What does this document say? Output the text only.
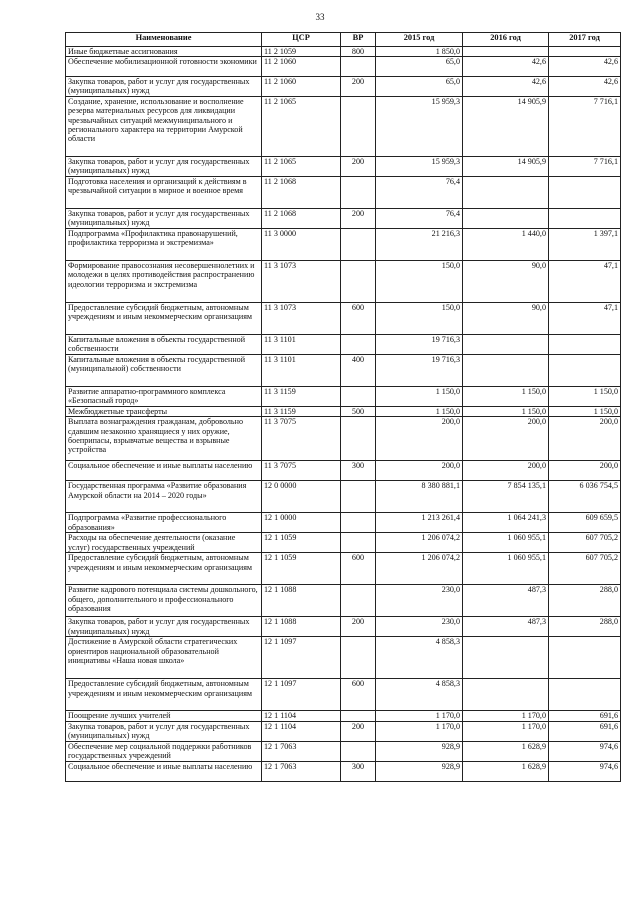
33
Наименование	ЦСР	ВР	2015 год	2016 год	2017 год
Иные бюджетные ассигнования	11 2 1059	800	1 850,0		
Обеспечение мобилизационной готовности экономики	11 2 1060		65,0	42,6	42,6
Закупка товаров, работ и услуг для государственных (муниципальных) нужд	11 2 1060	200	65,0	42,6	42,6
Создание, хранение, использование и восполнение резерва материальных ресурсов для ликвидации чрезвычайных ситуаций межмуниципального и регионального характера на территории Амурской области	11 2 1065		15 959,3	14 905,9	7 716,1
Закупка товаров, работ и услуг для государственных (муниципальных) нужд	11 2 1065	200	15 959,3	14 905,9	7 716,1
Подготовка населения и организаций к действиям в чрезвычайной ситуации в мирное и военное время	11 2 1068		76,4		
Закупка товаров, работ и услуг для государственных (муниципальных) нужд	11 2 1068	200	76,4		
Подпрограмма «Профилактика правонарушений, профилактика терроризма и экстремизма»	11 3 0000		21 216,3	1 440,0	1 397,1
Формирование правосознания несовершеннолетних и молодежи в целях противодействия распространению идеологии терроризма и экстремизма	11 3 1073		150,0	90,0	47,1
Предоставление субсидий бюджетным, автономным учреждениям и иным некоммерческим организациям	11 3 1073	600	150,0	90,0	47,1
Капитальные вложения в объекты государственной собственности	11 3 1101		19 716,3		
Капитальные вложения в объекты государственной (муниципальной) собственности	11 3 1101	400	19 716,3		
Развитие аппаратно-программного комплекса «Безопасный город»	11 3 1159		1 150,0	1 150,0	1 150,0
Межбюджетные трансферты	11 3 1159	500	1 150,0	1 150,0	1 150,0
Выплата вознаграждения гражданам, добровольно сдавшим незаконно хранящиеся у них оружие, боеприпасы, взрывчатые вещества и взрывные устройства	11 3 7075		200,0	200,0	200,0
Социальное обеспечение и иные выплаты населению	11 3 7075	300	200,0	200,0	200,0
Государственная программа «Развитие образования Амурской области на 2014 – 2020 годы»	12 0 0000		8 380 881,1	7 854 135,1	6 036 754,5
Подпрограмма «Развитие профессионального образования»	12 1 0000		1 213 261,4	1 064 241,3	609 659,5
Расходы на обеспечение деятельности (оказание услуг) государственных учреждений	12 1 1059		1 206 074,2	1 060 955,1	607 705,2
Предоставление субсидий бюджетным, автономным учреждениям и иным некоммерческим организациям	12 1 1059	600	1 206 074,2	1 060 955,1	607 705,2
Развитие кадрового потенциала системы дошкольного, общего, дополнительного и профессионального образования	12 1 1088		230,0	487,3	288,0
Закупка товаров, работ и услуг для государственных (муниципальных) нужд	12 1 1088	200	230,0	487,3	288,0
Достижение в Амурской области стратегических ориентиров национальной образовательной инициативы «Наша новая школа»	12 1 1097		4 858,3		
Предоставление субсидий бюджетным, автономным учреждениям и иным некоммерческим организациям	12 1 1097	600	4 858,3		
Поощрение лучших учителей	12 1 1104		1 170,0	1 170,0	691,6
Закупка товаров, работ и услуг для государственных (муниципальных) нужд	12 1 1104	200	1 170,0	1 170,0	691,6
Обеспечение мер социальной поддержки работников государственных учреждений	12 1 7063		928,9	1 628,9	974,6
Социальное обеспечение и иные выплаты населению	12 1 7063	300	928,9	1 628,9	974,6
